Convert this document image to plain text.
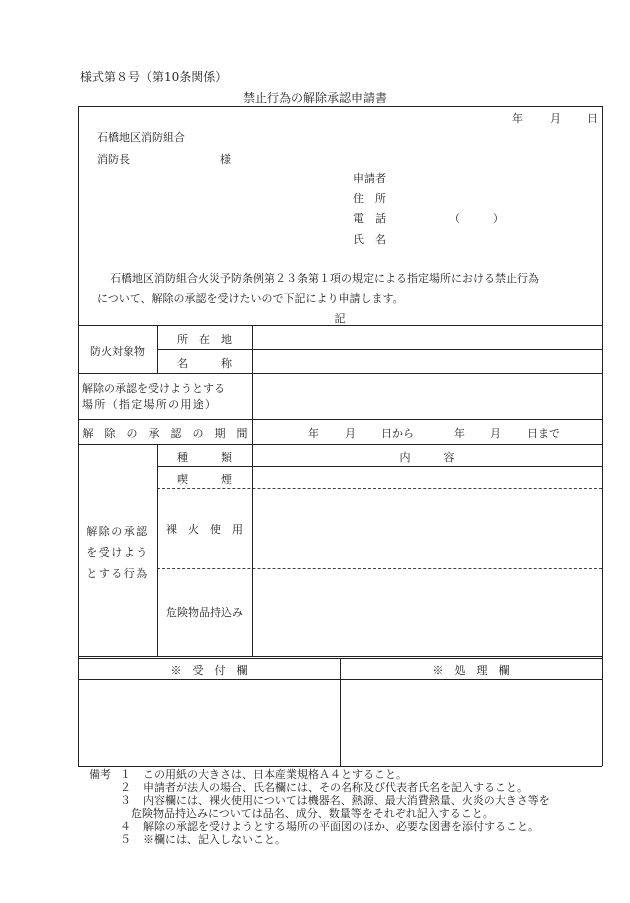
様式第８号（第10条関係）
禁止行為の解除承認申請書
年 月 日
石橋地区消防組合
消防長	様
申請者
住　所
電　話	（　　　）
氏　名
石橋地区消防組合火災予防条例第２３条第１項の規定による指定場所における禁止行為
について、解除の承認を受けたいので下記により申請します。
記
防火対象物
所　在　地
名　　　称
解除の承認を受けようとする
場所（指定場所の用途）
解　除　の　承　認　の　期　間	年 月 日から	年 月 日まで
解除の承認
を受けよう
とする行為
種　　　類	内　　　容
喫　　　煙
裸　火　使　用
危険物品持込み
※　受　付　欄	※　処　理　欄
備考 １ この用紙の大きさは、日本産業規格Ａ４とすること。
２ 申請者が法人の場合、氏名欄には、その名称及び代表者氏名を記入すること。
３ 内容欄には、裸火使用については機器名、熱源、最大消費熱量、火炎の大きさ等を
危険物品持込みについては品名、成分、数量等をそれぞれ記入すること。
４ 解除の承認を受けようとする場所の平面図のほか、必要な図書を添付すること。
５ ※欄には、記入しないこと。
